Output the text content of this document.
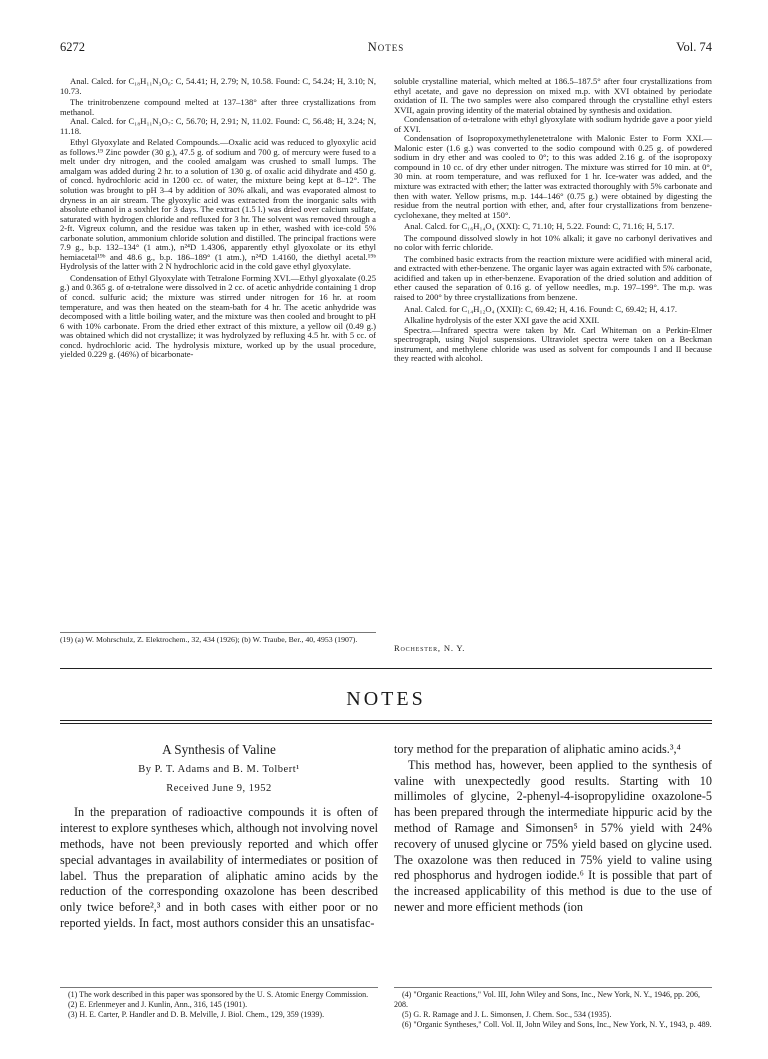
6272	Notes	Vol. 74

Anal. Calcd. for C₁₈H₁₁N₃O₆: C, 54.41; H, 2.79; N, 10.58. Found: C, 54.24; H, 3.10; N, 10.73.

The trinitrobenzene compound melted at 137–138° after three crystallizations from methanol.

Anal. Calcd. for C₁₈H₁₁N₃O₇: C, 56.70; H, 2.91; N, 11.02. Found: C, 56.48; H, 3.24; N, 11.18.

Ethyl Glyoxylate and Related Compounds.—Oxalic acid was reduced to glyoxylic acid as follows.¹⁹ Zinc powder (30 g.), 47.5 g. of sodium and 700 g. of mercury were fused to a melt under dry nitrogen, and the cooled amalgam was crushed to small lumps. The amalgam was added during 2 hr. to a solution of 130 g. of oxalic acid dihydrate and 450 g. of concd. hydrochloric acid in 1200 cc. of water, the mixture being kept at 8–12°. The solution was brought to pH 3–4 by addition of 30% alkali, and was evaporated almost to dryness in an air stream. The glyoxylic acid was extracted from the inorganic salts with absolute ethanol in a soxhlet for 3 days. The extract (1.5 l.) was dried over calcium sulfate, saturated with hydrogen chloride and refluxed for 3 hr. The solvent was removed through a 2-ft. Vigreux column, and the residue was taken up in ether, washed with ice-cold 5% carbonate solution, ammonium chloride solution and distilled. The principal fractions were 7.9 g., b.p. 132–134° (1 atm.), n²⁴D 1.4306, apparently ethyl glyoxolate or its ethyl hemiacetal¹⁹ᵇ and 48.6 g., b.p. 186–189° (1 atm.), n²⁴D 1.4160, the diethyl acetal.¹⁹ᵇ Hydrolysis of the latter with 2 N hydrochloric acid in the cold gave ethyl glyoxylate.

Condensation of Ethyl Glyoxylate with Tetralone Forming XVI.—Ethyl glyoxalate (0.25 g.) and 0.365 g. of α-tetralone were dissolved in 2 cc. of acetic anhydride containing 1 drop of concd. sulfuric acid; the mixture was stirred under nitrogen for 16 hr. at room temperature, and was then heated on the steam-bath for 4 hr. The acetic anhydride was decomposed with a little boiling water, and the mixture was then cooled and brought to pH 6 with 10% carbonate. From the dried ether extract of this mixture, a yellow oil (0.49 g.) was obtained which did not crystallize; it was hydrolyzed by refluxing 4.5 hr. with 5 cc. of concd. hydrochloric acid. The hydrolysis mixture, worked up by the usual procedure, yielded 0.229 g. (46%) of bicarbonate-

(19) (a) W. Mohrschulz, Z. Elektrochem., 32, 434 (1926); (b) W. Traube, Ber., 40, 4953 (1907).

soluble crystalline material, which melted at 186.5–187.5° after four crystallizations from ethyl acetate, and gave no depression on mixed m.p. with XVI obtained by periodate oxidation of II. The two samples were also compared through the crystalline ethyl esters XVII, again proving identity of the material obtained by synthesis and oxidation.

Condensation of α-tetralone with ethyl glyoxylate with sodium hydride gave a poor yield of XVI.

Condensation of Isopropoxymethylenetetralone with Malonic Ester to Form XXI.—Malonic ester (1.6 g.) was converted to the sodio compound with 0.25 g. of powdered sodium in dry ether and was cooled to 0°; to this was added 2.16 g. of the isopropoxy compound in 10 cc. of dry ether under nitrogen. The mixture was stirred for 10 min. at 0°, 30 min. at room temperature, and was refluxed for 1 hr. Ice-water was added, and the mixture was extracted with ether; the latter was extracted thoroughly with 5% carbonate and then with water. Yellow prisms, m.p. 144–146° (0.75 g.) were obtained by digesting the residue from the neutral portion with ether, and, after four crystallizations from benzene-cyclohexane, they melted at 150°.

Anal. Calcd. for C₁₆H₁₄O₄ (XXI): C, 71.10; H, 5.22. Found: C, 71.16; H, 5.17.

The compound dissolved slowly in hot 10% alkali; it gave no carbonyl derivatives and no color with ferric chloride.

The combined basic extracts from the reaction mixture were acidified with mineral acid, and extracted with ether-benzene. The organic layer was again extracted with 5% carbonate, acidified and taken up in ether-benzene. Evaporation of the dried solution and addition of ether caused the separation of 0.16 g. of yellow needles, m.p. 197–199°. The m.p. was raised to 200° by three crystallizations from benzene.

Anal. Calcd. for C₁₄H₁₂O₄ (XXII): C, 69.42; H, 4.16. Found: C, 69.42; H, 4.17.

Alkaline hydrolysis of the ester XXI gave the acid XXII.

Spectra.—Infrared spectra were taken by Mr. Carl Whiteman on a Perkin-Elmer spectrograph, using Nujol suspensions. Ultraviolet spectra were taken on a Beckman instrument, and methylene chloride was used as solvent for compounds I and II because they reacted with alcohol.

Rochester, N. Y.
NOTES
A Synthesis of Valine
By P. T. Adams and B. M. Tolbert¹
Received June 9, 1952

In the preparation of radioactive compounds it is often of interest to explore syntheses which, although not involving novel methods, have not been previously reported and which offer special advantages in availability of intermediates or position of label. Thus the preparation of aliphatic amino acids by the reduction of the corresponding oxazolone has been described only twice before²,³ and in both cases with either poor or no reported yields. In fact, most authors consider this an unsatisfac-

tory method for the preparation of aliphatic amino acids.³,⁴

This method has, however, been applied to the synthesis of valine with unexpectedly good results. Starting with 10 millimoles of glycine, 2-phenyl-4-isopropylidine oxazolone-5 has been prepared through the intermediate hippuric acid by the method of Ramage and Simonsen⁵ in 57% yield with 24% recovery of unused glycine or 75% yield based on glycine used. The oxazolone was then reduced in 75% yield to valine using red phosphorus and hydrogen iodide.⁶ It is possible that part of the increased applicability of this method is due to the use of newer and more efficient methods (ion

(1) The work described in this paper was sponsored by the U. S. Atomic Energy Commission.

(2) E. Erlenmeyer and J. Kunlin, Ann., 316, 145 (1901).

(3) H. E. Carter, P. Handler and D. B. Melville, J. Biol. Chem., 129, 359 (1939).

(4) "Organic Reactions," Vol. III, John Wiley and Sons, Inc., New York, N. Y., 1946, pp. 206, 208.

(5) G. R. Ramage and J. L. Simonsen, J. Chem. Soc., 534 (1935).

(6) "Organic Syntheses," Coll. Vol. II, John Wiley and Sons, Inc., New York, N. Y., 1943, p. 489.
